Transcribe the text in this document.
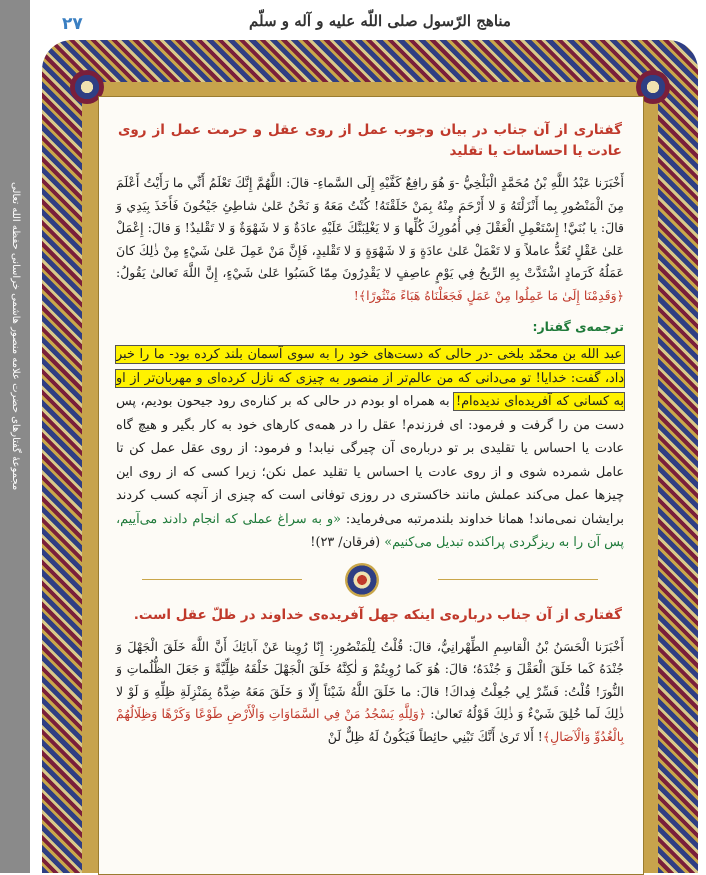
مجموعهٔ گفتارهای حضرت علامه منصور هاشمی خراسانی حفظه الله تعالی
مناهج الرّسول صلی اللّه علیه و آله و سلّم
۲۷
گفتاری از آن جناب در بیان وجوب عمل از روی عقل و حرمت عمل از روی عادت یا احساسات یا تقلید

أَخْبَرَنا عَبْدُ اللَّهِ بْنُ مُحَمَّدٍ الْبَلْخِيُّ -وَ هُوَ رافِعٌ كَفَّيْهِ إِلَى السَّماءِ- قالَ: اللَّهُمَّ إِنَّكَ تَعْلَمُ أَنِّي ما رَأَيْتُ أَعْلَمَ مِنَ الْمَنْصُورِ بِما أَنْزَلْتَهُ وَ لا أَرْحَمَ مِنْهُ بِمَنْ خَلَقْتَهُ! كُنْتُ مَعَهُ وَ نَحْنُ عَلىٰ شاطِئِ جَيْحُونَ فَأَخَذَ بِيَدِي وَ قالَ: يا بُنَيَّ! إِسْتَعْمِلِ الْعَقْلَ فِي أُمُورِكَ كُلِّها وَ لا يَغْلِبَنَّكَ عَلَيْهِ عادَةٌ وَ لا شَهْوَةٌ وَ لا تَقْليدٌ! وَ قالَ: إِعْمَلْ عَلىٰ عَقْلٍ تُعَدُّ عاملاً وَ لا تَعْمَلْ عَلىٰ عادَةٍ وَ لا شَهْوَةٍ وَ لا تَقْليدٍ، فَإِنَّ مَنْ عَمِلَ عَلىٰ شَيْءٍ مِنْ ذٰلِكَ كانَ عَمَلُهُ كَرَمادٍ اشْتَدَّتْ بِهِ الرِّيحُ فِي يَوْمٍ عاصِفٍ لا يَقْدِرُونَ مِمّا كَسَبُوا عَلىٰ شَيْءٍ، إِنَّ اللَّهَ تَعالىٰ يَقُولُ: ﴿وَقَدِمْنَا إِلَىٰ مَا عَمِلُوا مِنْ عَمَلٍ فَجَعَلْنَاهُ هَبَاءً مَنْثُورًا﴾!

ترجمه‌ی گفتار:

عبد الله بن محمّد بلخی -در حالی که دست‌های خود را به سوی آسمان بلند کرده بود- ما را خبر داد، گفت: خدایا! تو می‌دانی که من عالم‌تر از منصور به چیزی که نازل کرده‌ای و مهربان‌تر از او به کسانی که آفریده‌ای ندیده‌ام! به همراه او بودم در حالی که بر کناره‌ی رود جیحون بودیم، پس دست من را گرفت و فرمود: ای فرزندم! عقل را در همه‌ی کارهای خود به کار بگیر و هیچ گاه عادت یا احساس یا تقلیدی بر تو درباره‌ی آن چیرگی نیابد! و فرمود: از روی عقل عمل کن تا عامل شمرده شوی و از روی عادت یا احساس یا تقلید عمل نکن؛ زیرا کسی که از روی این چیزها عمل می‌کند عملش مانند خاکستری در روزی توفانی است که چیزی از آنچه کسب کردند برایشان نمی‌ماند! همانا خداوند بلندمرتبه می‌فرماید: «و به سراغ عملی که انجام دادند می‌آییم، پس آن را به ریزگردی پراکنده تبدیل می‌کنیم» (فرقان/ ۲۳)!

گفتاری از آن جناب درباره‌ی اینکه جهل آفریده‌ی خداوند در ظلّ عقل است.

أَخْبَرَنا الْحَسَنُ بْنُ الْقاسِمِ الطِّهْرانِيُّ، قالَ: قُلْتُ لِلْمَنْصُورِ: إِنّا رُوِينا عَنْ آبائِكَ أَنَّ اللَّهَ خَلَقَ الْجَهْلَ وَ جُنْدَهُ كَما خَلَقَ الْعَقْلَ وَ جُنْدَهُ؛ قالَ: هُوَ كَما رُوِيتُمْ وَ لٰكِنَّهُ خَلَقَ الْجَهْلَ خَلْقَهُ ظِلِّيَّةً وَ جَعَلَ الظُّلُماتِ وَ النُّورَ! قُلْتُ: فَسِّرْ لِي جُعِلْتُ فِداكَ! قالَ: ما خَلَقَ اللَّهُ شَيْئاً إِلّا وَ خَلَقَ مَعَهُ ضِدَّهُ بِمَنْزِلَةِ ظِلِّهِ وَ لَوْ لا ذٰلِكَ لَما خُلِقَ شَيْءٌ وَ ذٰلِكَ قَوْلُهُ تَعالىٰ: ﴿وَلِلَّهِ يَسْجُدُ مَنْ فِي السَّمَاوَاتِ وَالْأَرْضِ طَوْعًا وَكَرْهًا وَظِلَالُهُمْ بِالْغُدُوِّ وَالْآصَالِ﴾! أَلا تَرىٰ أَنَّكَ تَبْنِي حائِطاً فَيَكُونُ لَهُ ظِلٌّ لَنْ
